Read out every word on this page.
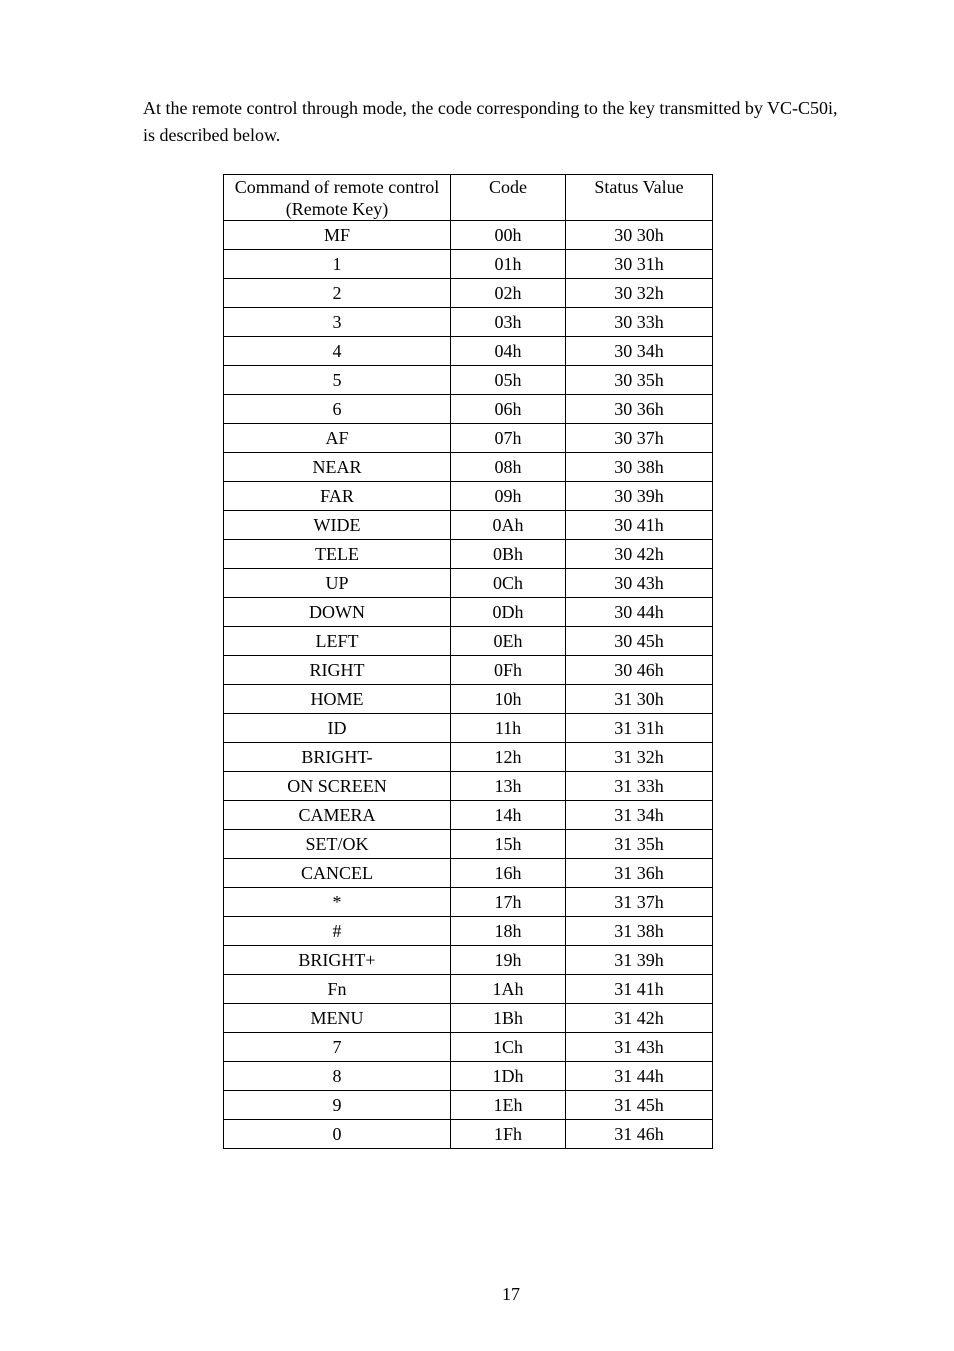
At the remote control through mode, the code corresponding to the key transmitted by VC-C50i,
is described below.

Command of remote control
(Remote Key)	Code	Status Value
MF	00h	30 30h
1	01h	30 31h
2	02h	30 32h
3	03h	30 33h
4	04h	30 34h
5	05h	30 35h
6	06h	30 36h
AF	07h	30 37h
NEAR	08h	30 38h
FAR	09h	30 39h
WIDE	0Ah	30 41h
TELE	0Bh	30 42h
UP	0Ch	30 43h
DOWN	0Dh	30 44h
LEFT	0Eh	30 45h
RIGHT	0Fh	30 46h
HOME	10h	31 30h
ID	11h	31 31h
BRIGHT-	12h	31 32h
ON SCREEN	13h	31 33h
CAMERA	14h	31 34h
SET/OK	15h	31 35h
CANCEL	16h	31 36h
*	17h	31 37h
#	18h	31 38h
BRIGHT+	19h	31 39h
Fn	1Ah	31 41h
MENU	1Bh	31 42h
7	1Ch	31 43h
8	1Dh	31 44h
9	1Eh	31 45h
0	1Fh	31 46h
17
